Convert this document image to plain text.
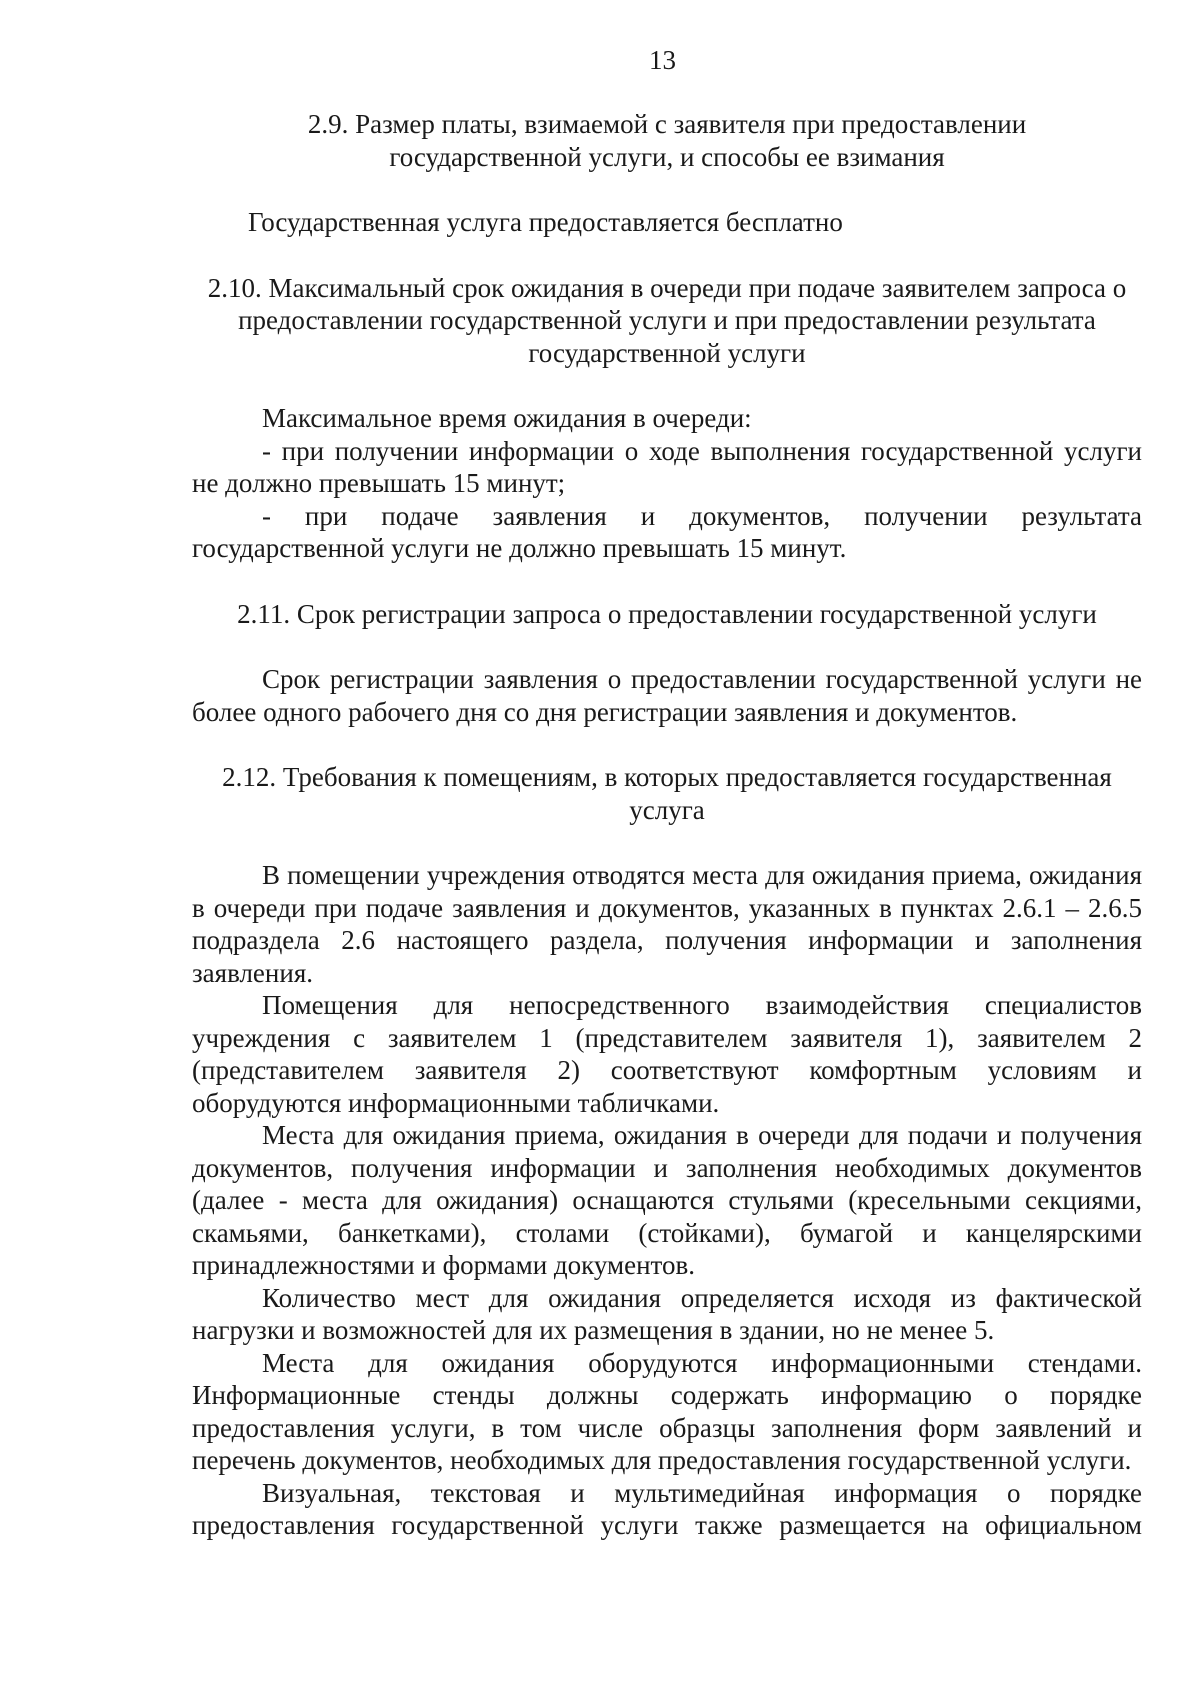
13

2.9. Размер платы, взимаемой с заявителя при предоставлении государственной услуги, и способы ее взимания

Государственная услуга предоставляется бесплатно

2.10. Максимальный срок ожидания в очереди при подаче заявителем запроса о предоставлении государственной услуги и при предоставлении результата государственной услуги

Максимальное время ожидания в очереди:

- при получении информации о ходе выполнения государственной услуги не должно превышать 15 минут;

- при подаче заявления и документов, получении результата государственной услуги не должно превышать 15 минут.

2.11. Срок регистрации запроса о предоставлении государственной услуги

Срок регистрации заявления о предоставлении государственной услуги не более одного рабочего дня со дня регистрации заявления и документов.

2.12. Требования к помещениям, в которых предоставляется государственная услуга

В помещении учреждения отводятся места для ожидания приема, ожидания в очереди при подаче заявления и документов, указанных в пунктах 2.6.1 – 2.6.5 подраздела 2.6 настоящего раздела, получения информации и заполнения заявления.

Помещения для непосредственного взаимодействия специалистов учреждения с заявителем 1 (представителем заявителя 1), заявителем 2 (представителем заявителя 2) соответствуют комфортным условиям и оборудуются информационными табличками.

Места для ожидания приема, ожидания в очереди для подачи и получения документов, получения информации и заполнения необходимых документов (далее - места для ожидания) оснащаются стульями (кресельными секциями, скамьями, банкетками), столами (стойками), бумагой и канцелярскими принадлежностями и формами документов.

Количество мест для ожидания определяется исходя из фактической нагрузки и возможностей для их размещения в здании, но не менее 5.

Места для ожидания оборудуются информационными стендами. Информационные стенды должны содержать информацию о порядке предоставления услуги, в том числе образцы заполнения форм заявлений и перечень документов, необходимых для предоставления государственной услуги.

Визуальная, текстовая и мультимедийная информация о порядке предоставления государственной услуги также размещается на официальном
